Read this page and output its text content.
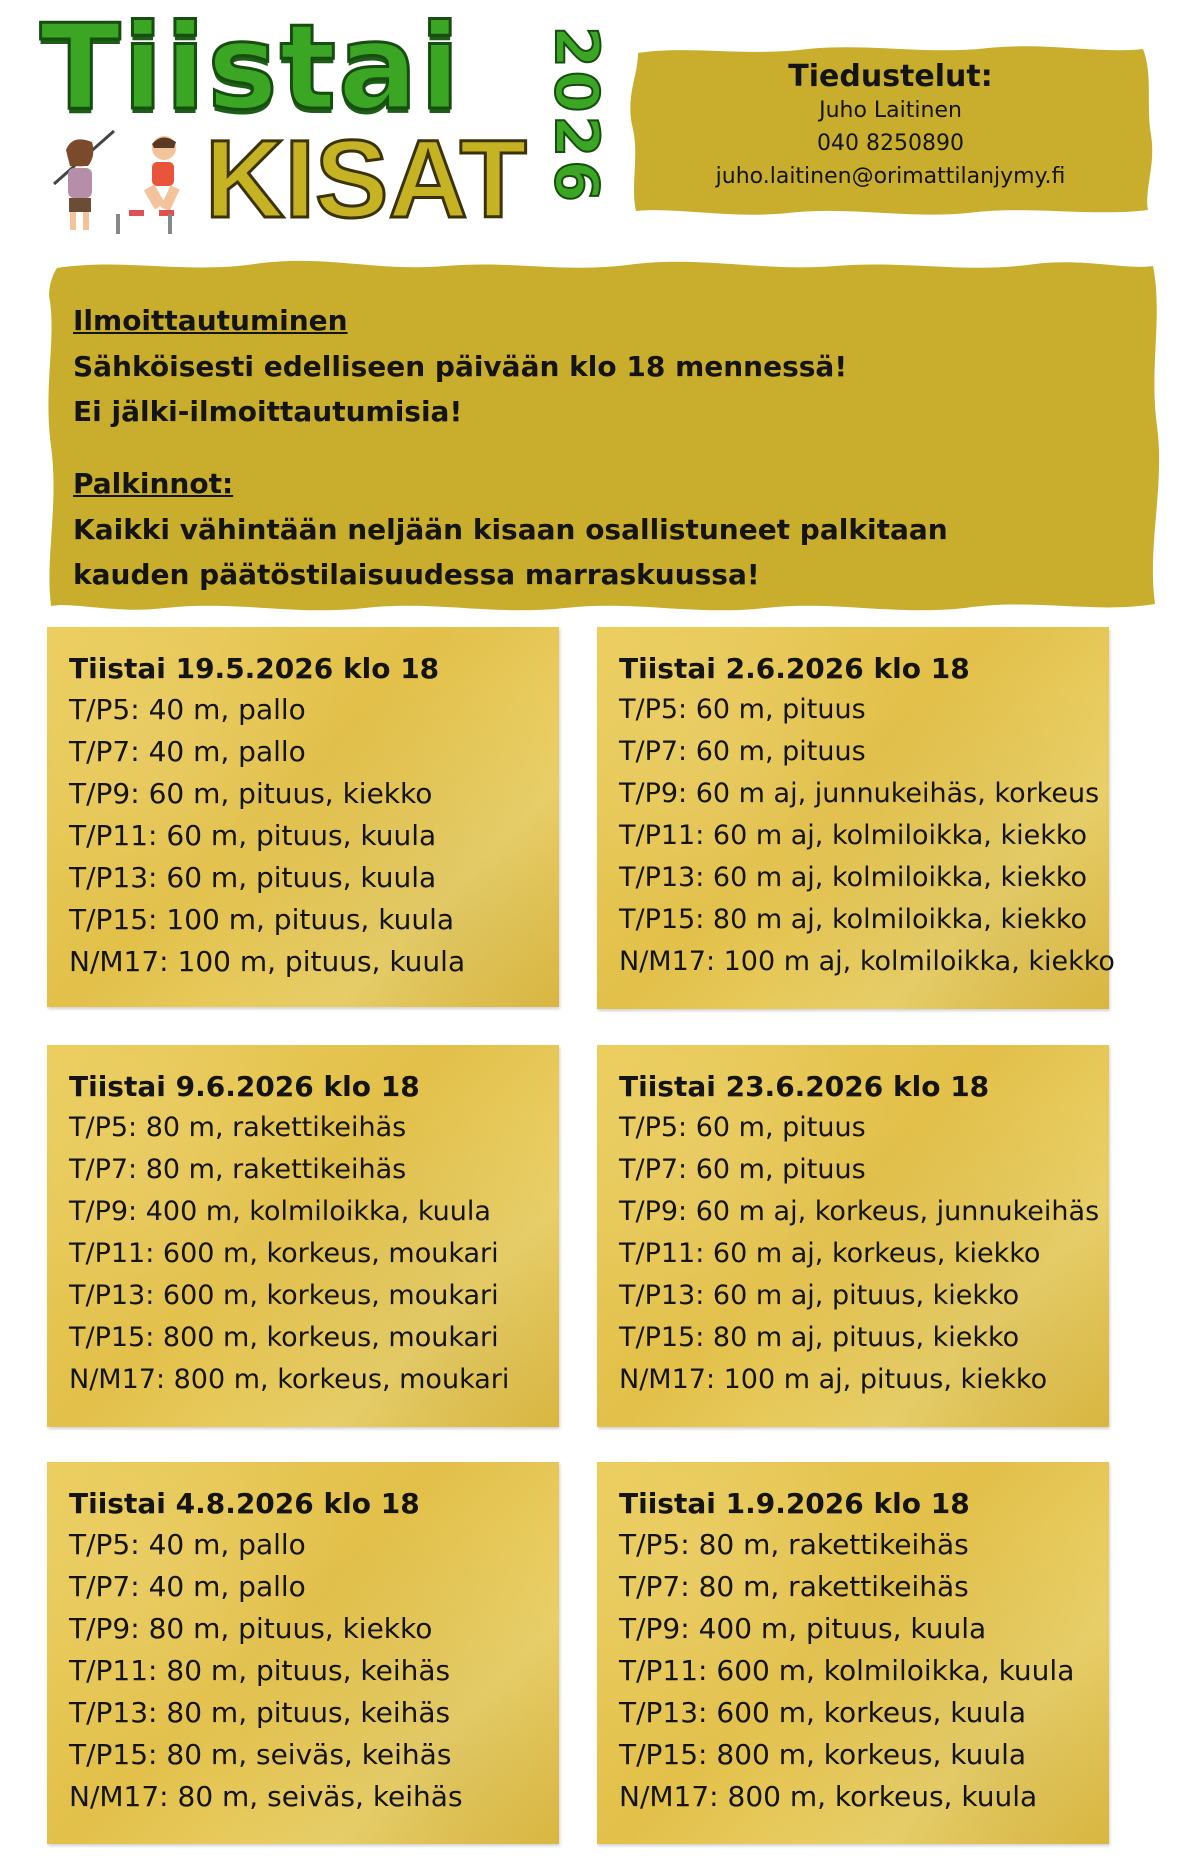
Tiistai
KISAT 2026	Tiedustelut:
Juho Laitinen
040 8250890
juho.laitinen@orimattilanjymy.fi
Ilmoittautuminen
Sähköisesti edelliseen päivään klo 18 mennessä!
Ei jälki-ilmoittautumisia!
Palkinnot:
Kaikki vähintään neljään kisaan osallistuneet palkitaan
kauden päätöstilaisuudessa marraskuussa!
Tiistai 19.5.2026 klo 18
T/P5: 40 m, pallo
T/P7: 40 m, pallo
T/P9: 60 m, pituus, kiekko
T/P11: 60 m, pituus, kuula
T/P13: 60 m, pituus, kuula
T/P15: 100 m, pituus, kuula
N/M17: 100 m, pituus, kuula
Tiistai 2.6.2026 klo 18
T/P5: 60 m, pituus
T/P7: 60 m, pituus
T/P9: 60 m aj, junnukeihäs, korkeus
T/P11: 60 m aj, kolmiloikka, kiekko
T/P13: 60 m aj, kolmiloikka, kiekko
T/P15: 80 m aj, kolmiloikka, kiekko
N/M17: 100 m aj, kolmiloikka, kiekko
Tiistai 9.6.2026 klo 18
T/P5: 80 m, rakettikeihäs
T/P7: 80 m, rakettikeihäs
T/P9: 400 m, kolmiloikka, kuula
T/P11: 600 m, korkeus, moukari
T/P13: 600 m, korkeus, moukari
T/P15: 800 m, korkeus, moukari
N/M17: 800 m, korkeus, moukari
Tiistai 23.6.2026 klo 18
T/P5: 60 m, pituus
T/P7: 60 m, pituus
T/P9: 60 m aj, korkeus, junnukeihäs
T/P11: 60 m aj, korkeus, kiekko
T/P13: 60 m aj, pituus, kiekko
T/P15: 80 m aj, pituus, kiekko
N/M17: 100 m aj, pituus, kiekko
Tiistai 4.8.2026 klo 18
T/P5: 40 m, pallo
T/P7: 40 m, pallo
T/P9: 80 m, pituus, kiekko
T/P11: 80 m, pituus, keihäs
T/P13: 80 m, pituus, keihäs
T/P15: 80 m, seiväs, keihäs
N/M17: 80 m, seiväs, keihäs
Tiistai 1.9.2026 klo 18
T/P5: 80 m, rakettikeihäs
T/P7: 80 m, rakettikeihäs
T/P9: 400 m, pituus, kuula
T/P11: 600 m, kolmiloikka, kuula
T/P13: 600 m, korkeus, kuula
T/P15: 800 m, korkeus, kuula
N/M17: 800 m, korkeus, kuula
